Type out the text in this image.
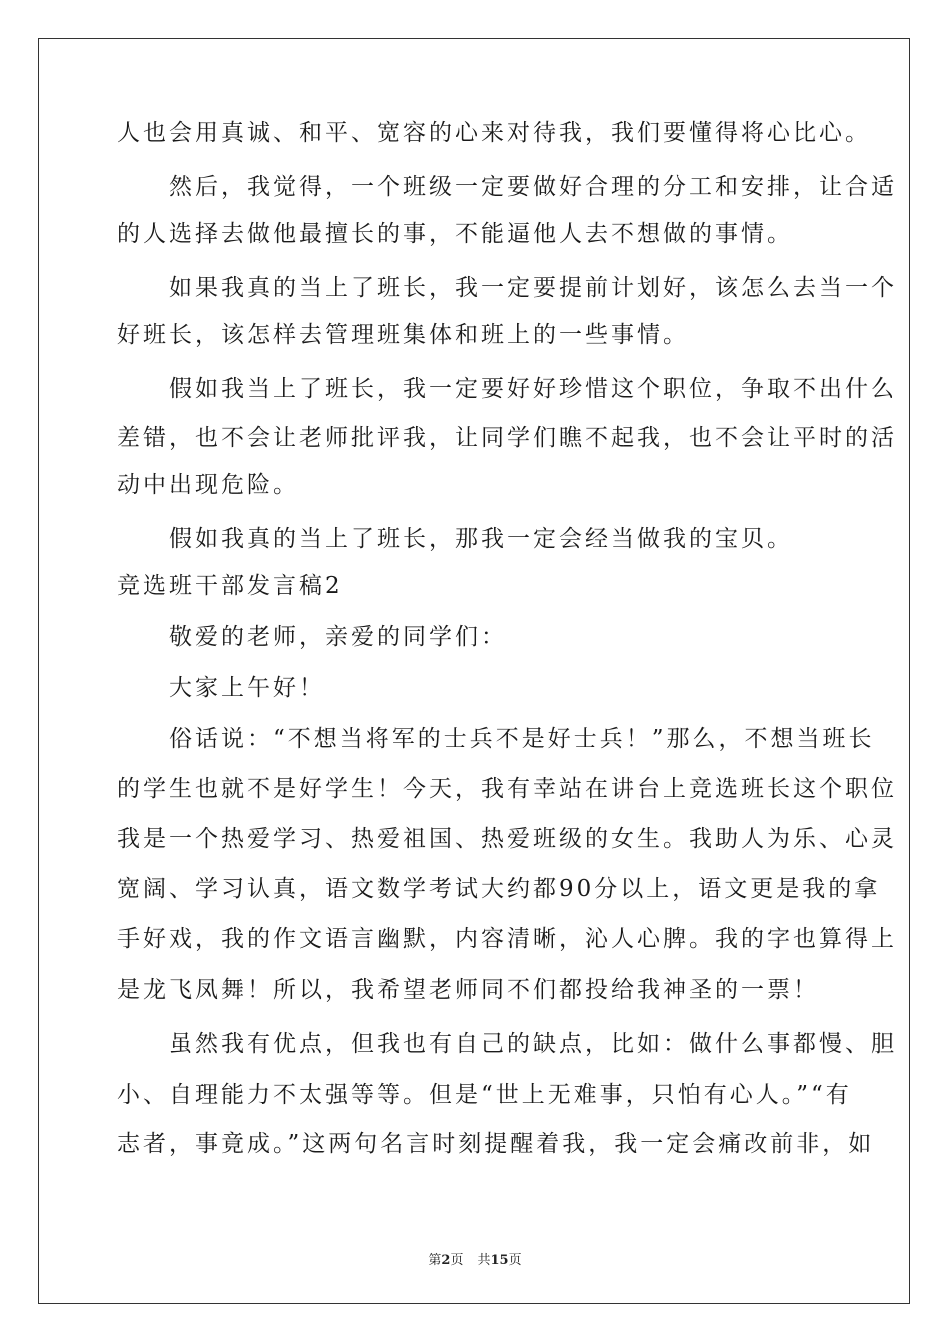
人也会用真诚、和平、宽容的心来对待我，我们要懂得将心比心。
　　然后，我觉得，一个班级一定要做好合理的分工和安排，让合适
的人选择去做他最擅长的事，不能逼他人去不想做的事情。
　　如果我真的当上了班长，我一定要提前计划好，该怎么去当一个
好班长，该怎样去管理班集体和班上的一些事情。
　　假如我当上了班长，我一定要好好珍惜这个职位，争取不出什么
差错，也不会让老师批评我，让同学们瞧不起我，也不会让平时的活
动中出现危险。
　　假如我真的当上了班长，那我一定会经当做我的宝贝。
竞选班干部发言稿2
　　敬爱的老师，亲爱的同学们：
　　大家上午好！
　　俗话说：“不想当将军的士兵不是好士兵！”那么，不想当班长
的学生也就不是好学生！今天，我有幸站在讲台上竞选班长这个职位
我是一个热爱学习、热爱祖国、热爱班级的女生。我助人为乐、心灵
宽阔、学习认真，语文数学考试大约都90分以上，语文更是我的拿
手好戏，我的作文语言幽默，内容清晰，沁人心脾。我的字也算得上
是龙飞凤舞！所以，我希望老师同不们都投给我神圣的一票！
　　虽然我有优点，但我也有自己的缺点，比如：做什么事都慢、胆
小、自理能力不太强等等。但是“世上无难事，只怕有心人。”“有
志者，事竟成。”这两句名言时刻提醒着我，我一定会痛改前非，如
第2页 共15页
